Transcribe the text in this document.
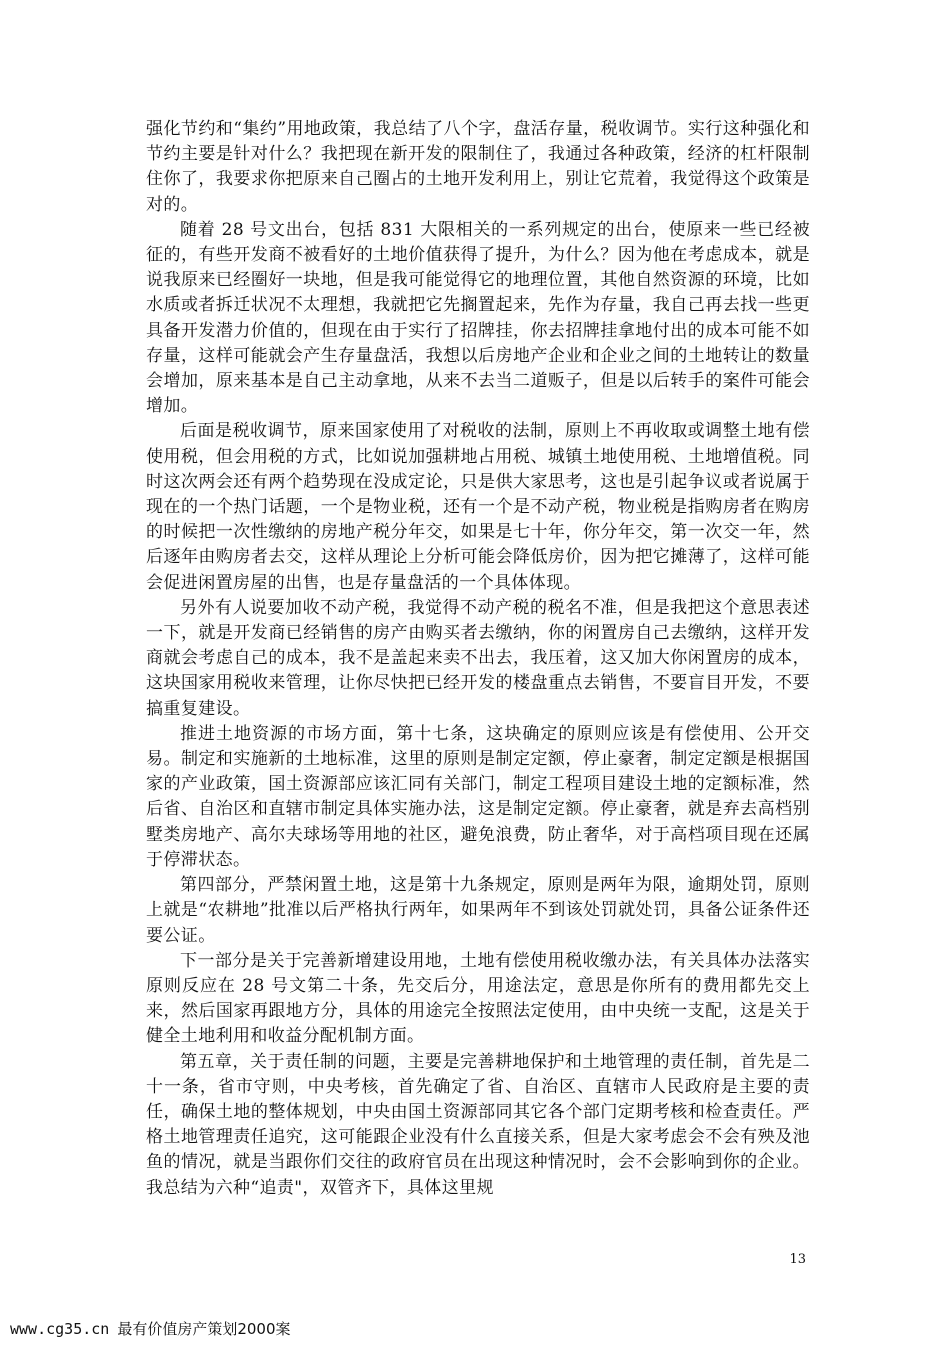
强化节约和“集约”用地政策，我总结了八个字，盘活存量，税收调节。实行这种强化和节约主要是针对什么？我把现在新开发的限制住了，我通过各种政策，经济的杠杆限制住你了，我要求你把原来自己圈占的土地开发利用上，别让它荒着，我觉得这个政策是对的。

随着 28 号文出台，包括 831 大限相关的一系列规定的出台，使原来一些已经被征的，有些开发商不被看好的土地价值获得了提升，为什么？因为他在考虑成本，就是说我原来已经圈好一块地，但是我可能觉得它的地理位置，其他自然资源的环境，比如水质或者拆迁状况不太理想，我就把它先搁置起来，先作为存量，我自己再去找一些更具备开发潜力价值的，但现在由于实行了招牌挂，你去招牌挂拿地付出的成本可能不如存量，这样可能就会产生存量盘活，我想以后房地产企业和企业之间的土地转让的数量会增加，原来基本是自己主动拿地，从来不去当二道贩子，但是以后转手的案件可能会增加。

后面是税收调节，原来国家使用了对税收的法制，原则上不再收取或调整土地有偿使用税，但会用税的方式，比如说加强耕地占用税、城镇土地使用税、土地增值税。同时这次两会还有两个趋势现在没成定论，只是供大家思考，这也是引起争议或者说属于现在的一个热门话题，一个是物业税，还有一个是不动产税，物业税是指购房者在购房的时候把一次性缴纳的房地产税分年交，如果是七十年，你分年交，第一次交一年，然后逐年由购房者去交，这样从理论上分析可能会降低房价，因为把它摊薄了，这样可能会促进闲置房屋的出售，也是存量盘活的一个具体体现。

另外有人说要加收不动产税，我觉得不动产税的税名不准，但是我把这个意思表述一下，就是开发商已经销售的房产由购买者去缴纳，你的闲置房自己去缴纳，这样开发商就会考虑自己的成本，我不是盖起来卖不出去，我压着，这又加大你闲置房的成本，这块国家用税收来管理，让你尽快把已经开发的楼盘重点去销售，不要盲目开发，不要搞重复建设。

推进土地资源的市场方面，第十七条，这块确定的原则应该是有偿使用、公开交易。制定和实施新的土地标准，这里的原则是制定定额，停止豪奢，制定定额是根据国家的产业政策，国土资源部应该汇同有关部门，制定工程项目建设土地的定额标准，然后省、自治区和直辖市制定具体实施办法，这是制定定额。停止豪奢，就是弃去高档别墅类房地产、高尔夫球场等用地的社区，避免浪费，防止奢华，对于高档项目现在还属于停滞状态。

第四部分，严禁闲置土地，这是第十九条规定，原则是两年为限，逾期处罚，原则上就是“农耕地”批准以后严格执行两年，如果两年不到该处罚就处罚，具备公证条件还要公证。

下一部分是关于完善新增建设用地，土地有偿使用税收缴办法，有关具体办法落实原则反应在 28 号文第二十条，先交后分，用途法定，意思是你所有的费用都先交上来，然后国家再跟地方分，具体的用途完全按照法定使用，由中央统一支配，这是关于健全土地利用和收益分配机制方面。

第五章，关于责任制的问题，主要是完善耕地保护和土地管理的责任制，首先是二十一条，省市守则，中央考核，首先确定了省、自治区、直辖市人民政府是主要的责任，确保土地的整体规划，中央由国土资源部同其它各个部门定期考核和检查责任。严格土地管理责任追究，这可能跟企业没有什么直接关系，但是大家考虑会不会有殃及池鱼的情况，就是当跟你们交往的政府官员在出现这种情况时，会不会影响到你的企业。我总结为六种“追责"，双管齐下，具体这里规

13
www.cg35.cn 最有价值房产策划2000案
